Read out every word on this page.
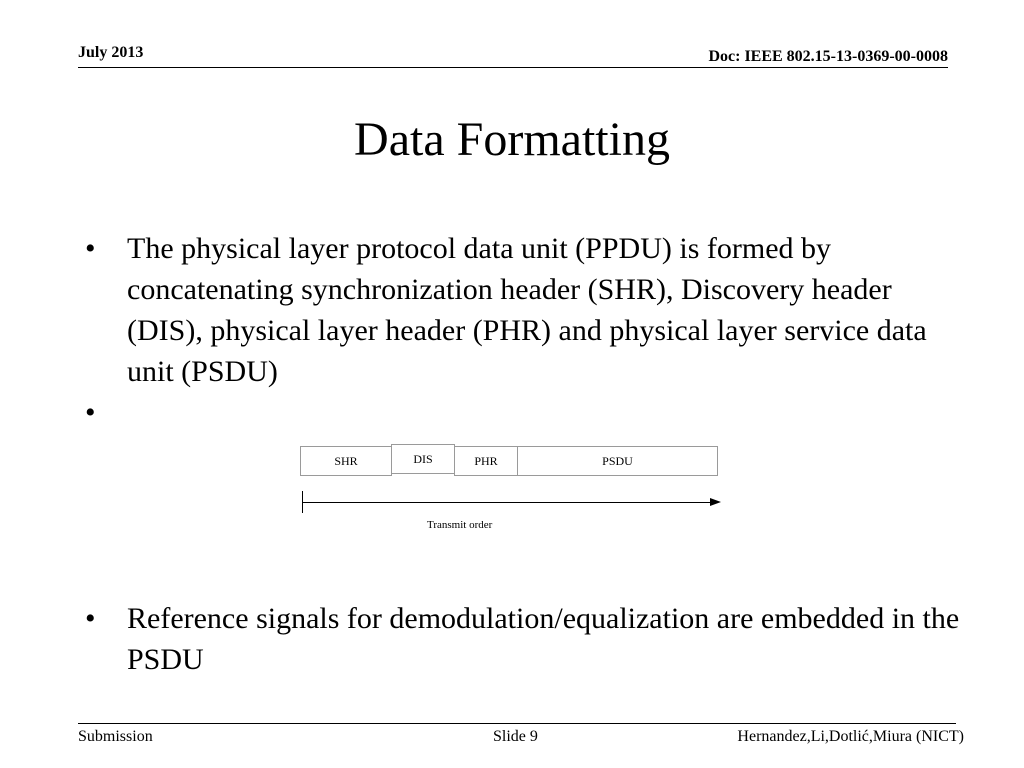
July 2013	Doc: IEEE 802.15-13-0369-00-0008
Data Formatting
• The physical layer protocol data unit (PPDU) is formed by concatenating synchronization header (SHR), Discovery header (DIS), physical layer header (PHR) and physical layer service data unit (PSDU)
•
SHR	DIS	PHR	PSDU
Transmit order
• Reference signals for demodulation/equalization are embedded in the PSDU
Submission	Slide 9	Hernandez,Li,Dotlić,Miura (NICT)
